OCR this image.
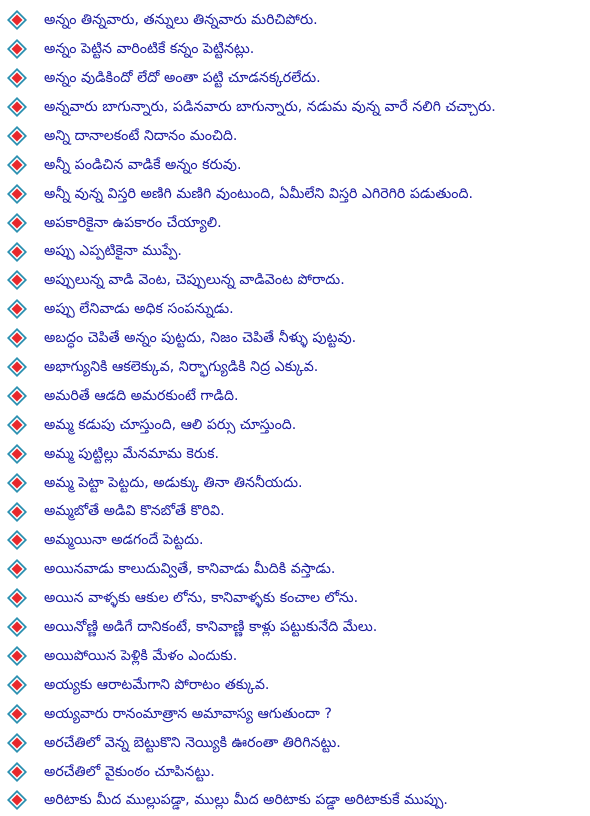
అన్నం తిన్నవారు, తన్నులు తిన్నవారు మరిచిపోరు.
అన్నం పెట్టిన వారింటికే కన్నం పెట్టినట్లు.
అన్నం వుడికిందో లేదో అంతా పట్టి చూడనక్కరలేదు.
అన్నవారు బాగున్నారు, పడినవారు బాగున్నారు, నడుమ వున్న వారే నలిగి చచ్చారు.
అన్ని దానాలకంటే నిదానం మంచిది.
అన్నీ పండిచిన వాడికే అన్నం కరువు.
అన్నీ వున్న విస్తరి అణిగి మణిగి వుంటుంది, ఏమీలేని విస్తరి ఎగిరెగిరి పడుతుంది.
అపకారికైనా ఉపకారం చేయ్యాలి.
అప్పు ఎప్పటికైనా ముప్పే.
అప్పులున్న వాడి వెంట, చెప్పులున్న వాడివెంట పోరాదు.
అప్పు లేనివాడు అధిక సంపన్నుడు.
అబద్ధం చెపితే అన్నం పుట్టదు, నిజం చెపితే నీళ్ళు పుట్టవు.
అభాగ్యునికి ఆకలెక్కువ, నిర్భాగ్యుడికి నిద్ర ఎక్కువ.
అమరితే ఆడది అమరకుంటే గాడిది.
అమ్మ కడుపు చూస్తుంది, ఆలి పర్సు చూస్తుంది.
అమ్మ పుట్టిల్లు మేనమామ కెరుక.
అమ్మ పెట్టా పెట్టదు, అడుక్కు తినా తిననీయదు.
అమ్మబోతే అడివి కొనబోతే కొరివి.
అమ్మయినా అడగందే పెట్టదు.
అయినవాడు కాలుదువ్వితే, కానివాడు మీదికి వస్తాడు.
అయిన వాళ్ళకు ఆకుల లోను, కానివాళ్ళకు కంచాల లోను.
అయినోణ్ణి అడిగే దానికంటే, కానివాణ్ణి కాళ్లు పట్టుకునేది మేలు.
అయిపోయిన పెళ్లికి మేళం ఎందుకు.
అయ్యకు ఆరాటమేగాని పోరాటం తక్కువ.
అయ్యవారు రానంమాత్రాన అమావాస్య ఆగుతుందా ?
అరచేతిలో వెన్న బెట్టుకొని నెయ్యికి ఊరంతా తిరిగినట్టు.
అరచేతిలో వైకుంఠం చూపినట్టు.
అరిటాకు మీద ముల్లుపడ్డా, ముల్లు మీద అరిటాకు పడ్డా అరిటాకుకే ముప్పు.
